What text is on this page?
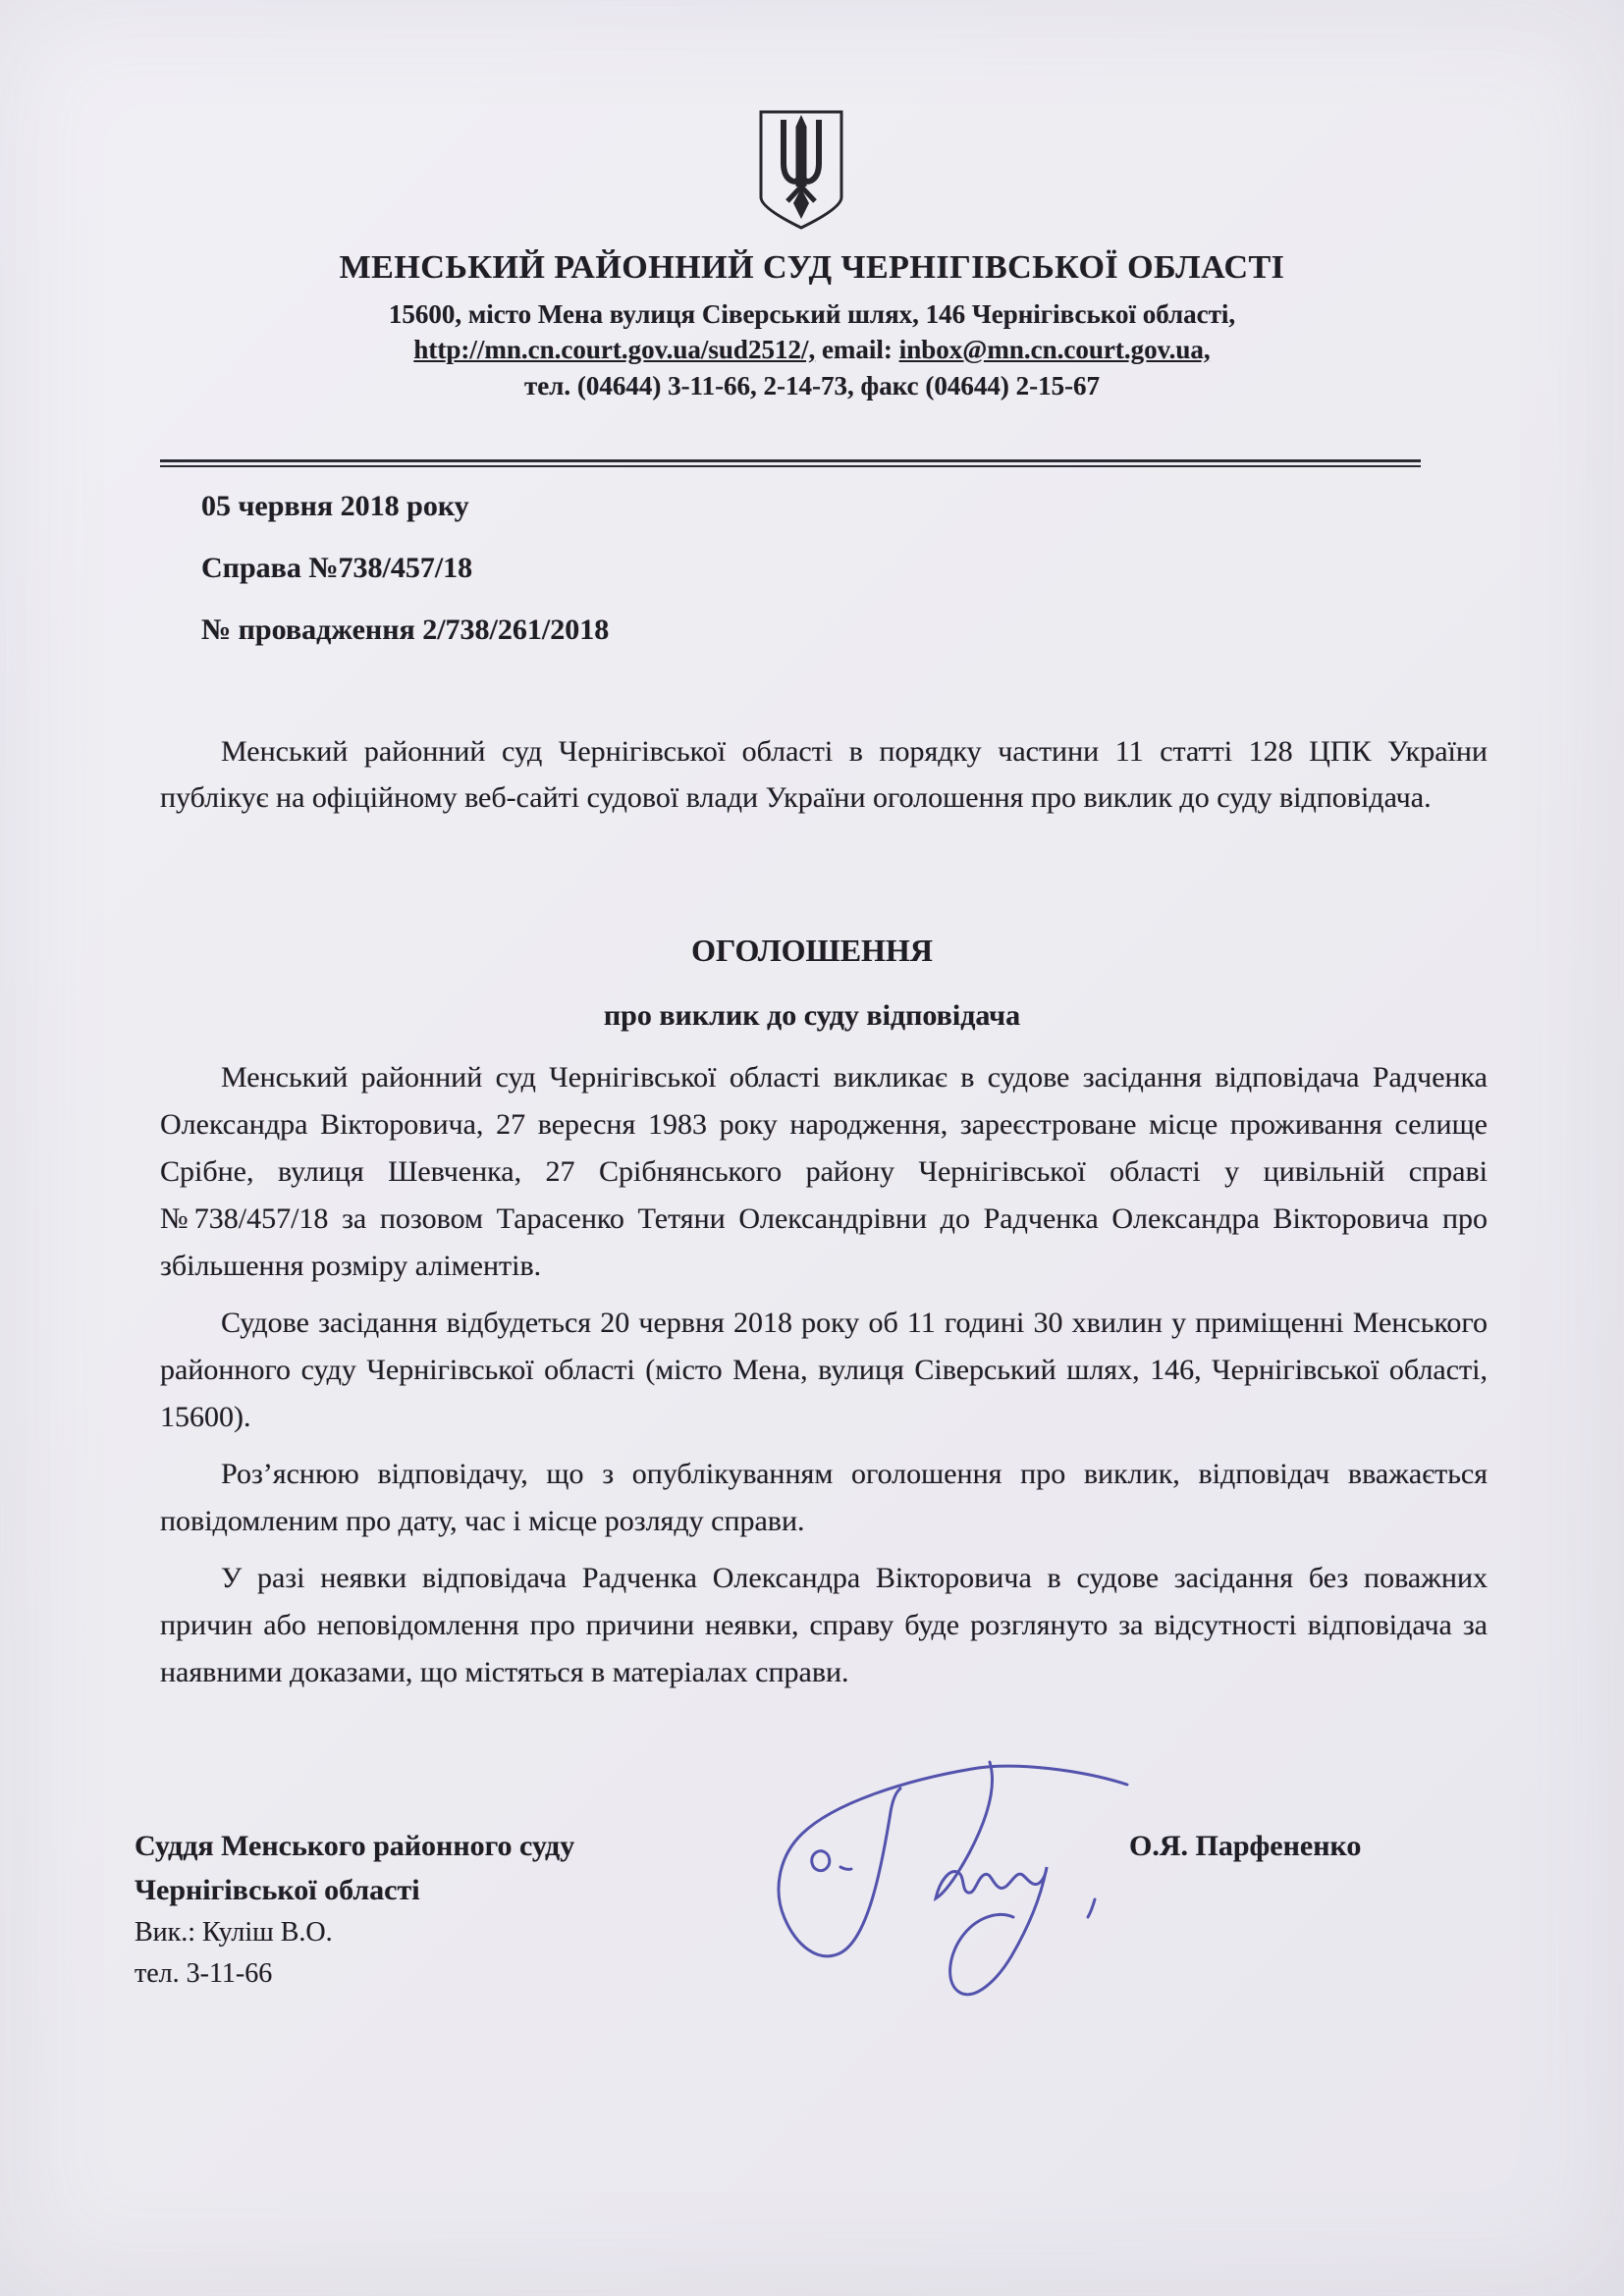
МЕНСЬКИЙ РАЙОННИЙ СУД ЧЕРНІГІВСЬКОЇ ОБЛАСТІ
15600, місто Мена вулиця Сіверський шлях, 146 Чернігівської області,
http://mn.cn.court.gov.ua/sud2512/, email: inbox@mn.cn.court.gov.ua,
тел. (04644) 3-11-66, 2-14-73, факс (04644) 2-15-67
05 червня 2018 року
Справа №738/457/18
№ провадження 2/738/261/2018

Менський районний суд Чернігівської області в порядку частини 11 статті 128 ЦПК України публікує на офіційному веб-сайті судової влади України оголошення про виклик до суду відповідача.

ОГОЛОШЕННЯ
про виклик до суду відповідача

Менський районний суд Чернігівської області викликає в судове засідання відповідача Радченка Олександра Вікторовича, 27 вересня 1983 року народження, зареєстроване місце проживання селище Срібне, вулиця Шевченка, 27 Срібнянського району Чернігівської області у цивільній справі №738/457/18 за позовом Тарасенко Тетяни Олександрівни до Радченка Олександра Вікторовича про збільшення розміру аліментів.

Судове засідання відбудеться 20 червня 2018 року об 11 годині 30 хвилин у приміщенні Менського районного суду Чернігівської області (місто Мена, вулиця Сіверський шлях, 146, Чернігівської області, 15600).

Роз’яснюю відповідачу, що з опублікуванням оголошення про виклик, відповідач вважається повідомленим про дату, час і місце розляду справи.

У разі неявки відповідача Радченка Олександра Вікторовича в судове засідання без поважних причин або неповідомлення про причини неявки, справу буде розглянуто за відсутності відповідача за наявними доказами, що містяться в матеріалах справи.

Суддя Менського районного суду
Чернігівської області
Вик.: Куліш В.О.
тел. 3-11-66
О.Я. Парфененко
